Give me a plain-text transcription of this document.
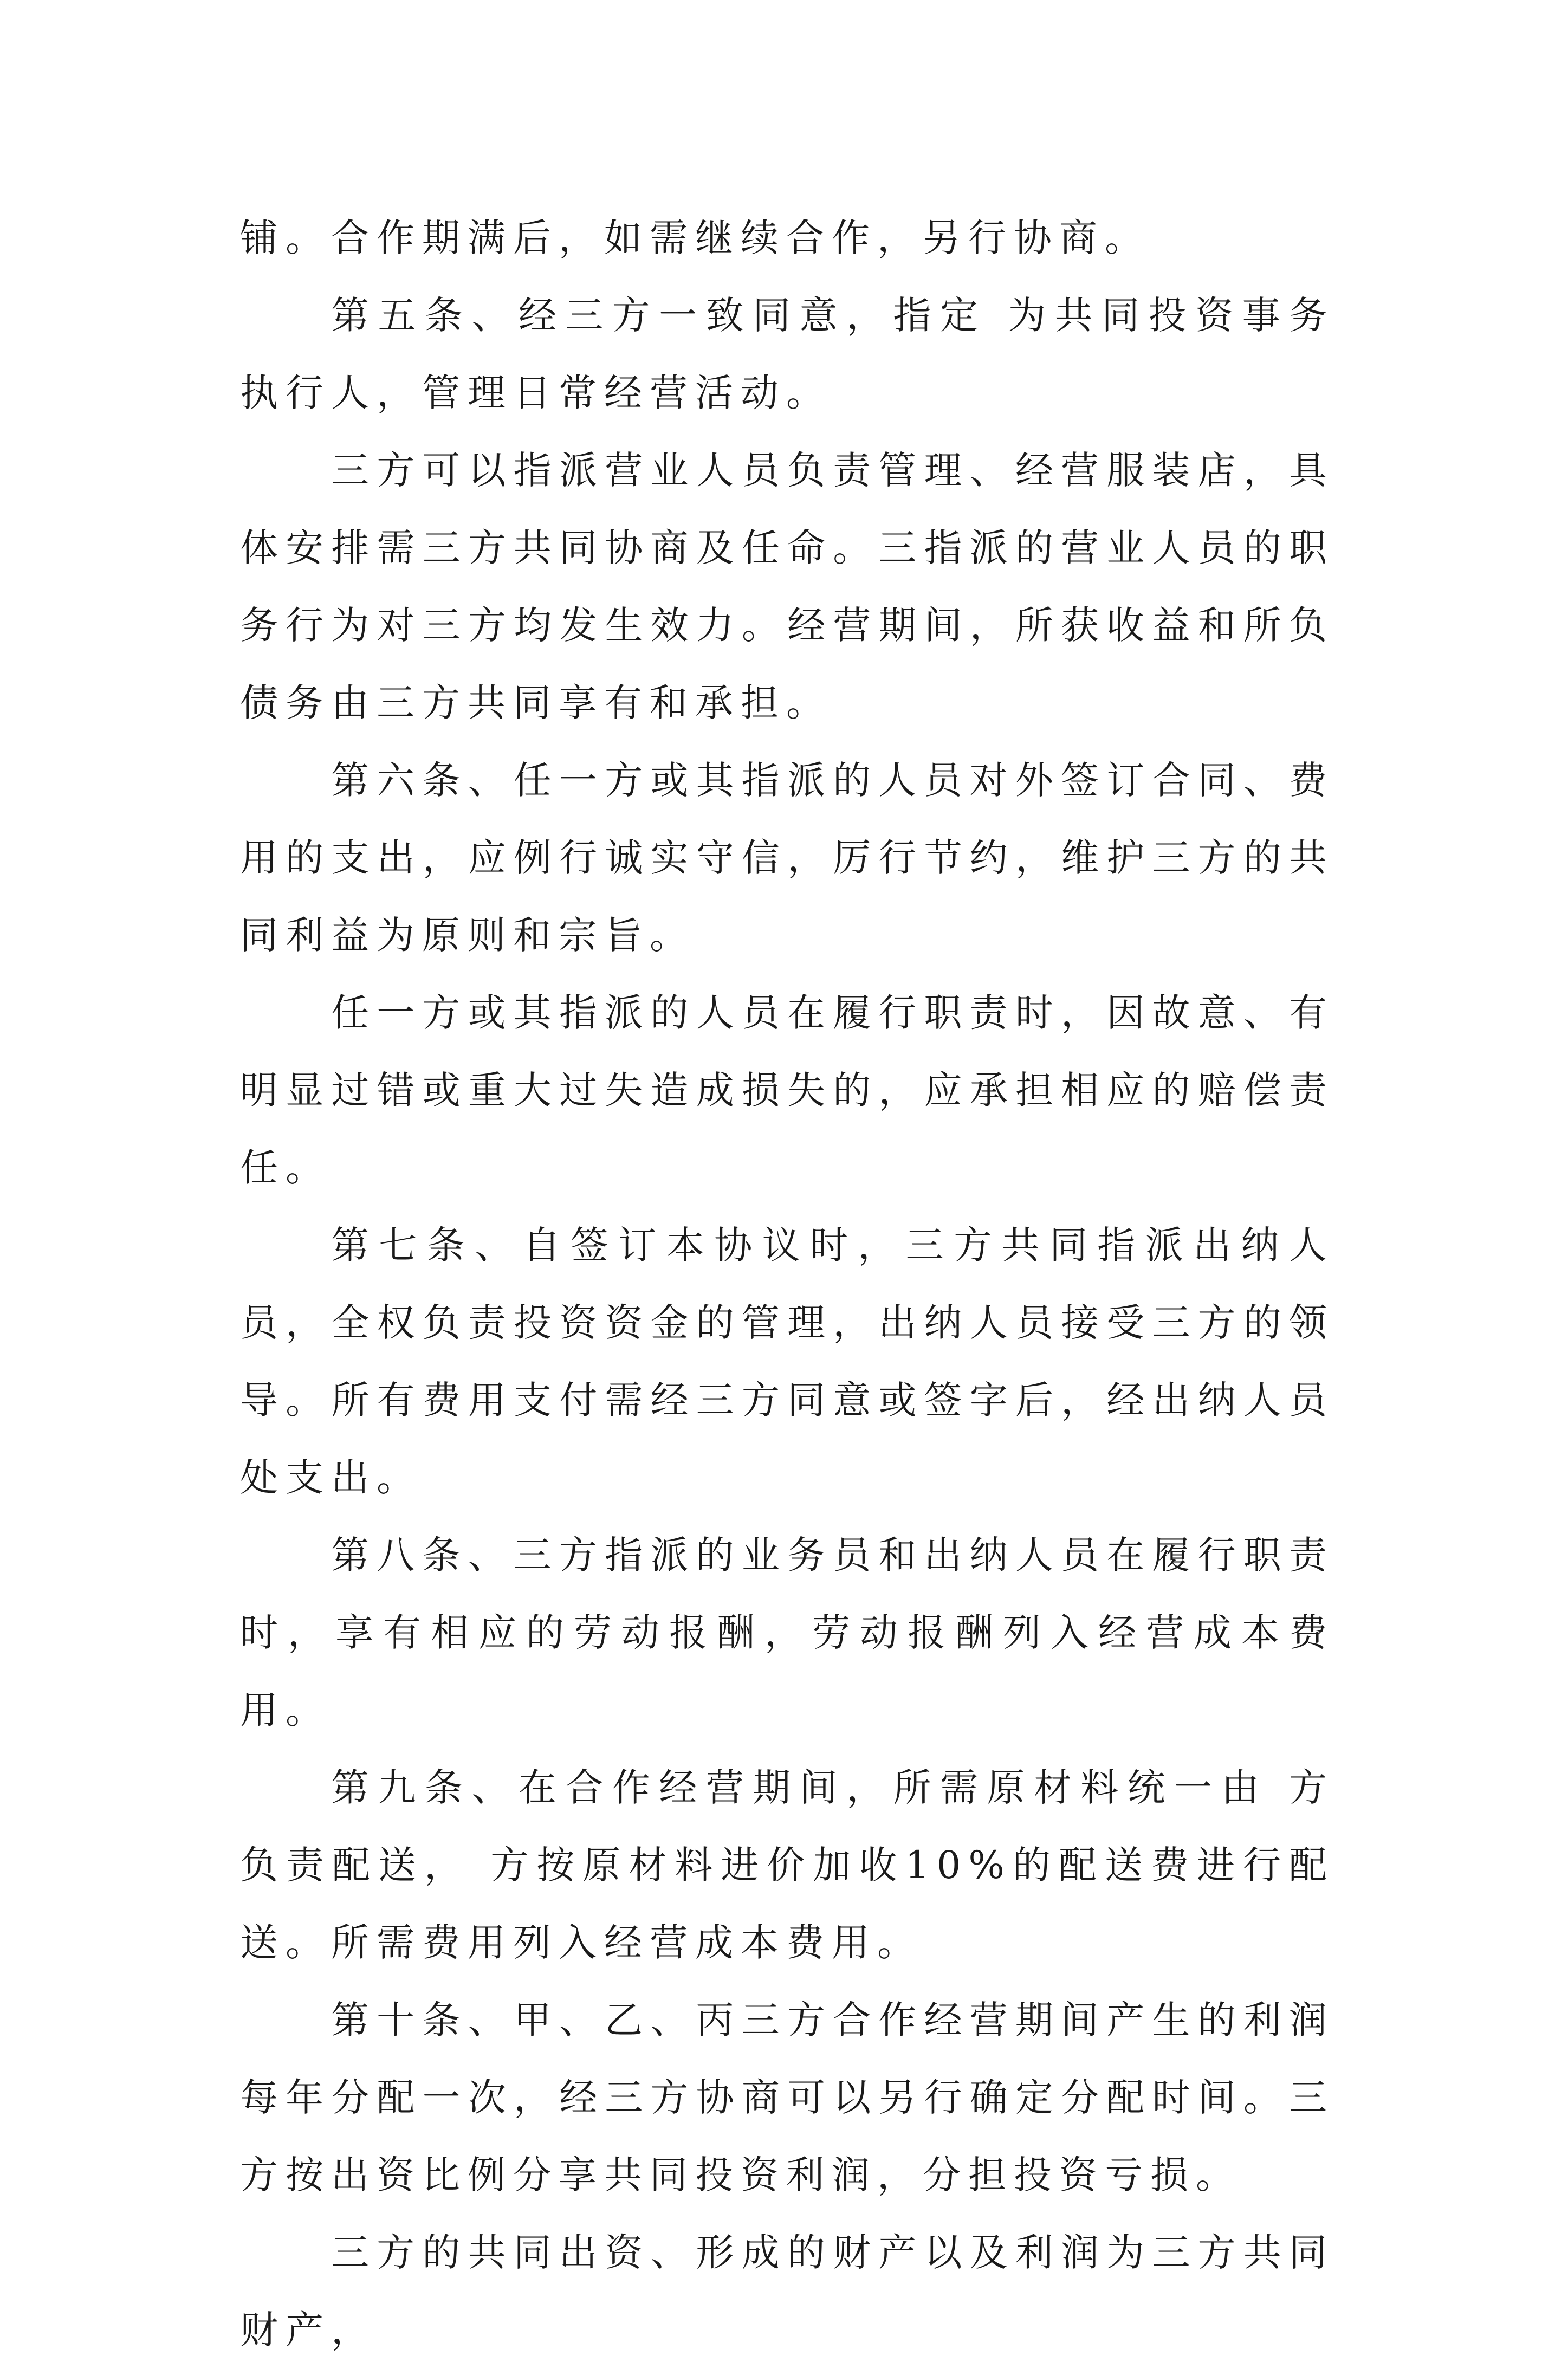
铺。合作期满后，如需继续合作，另行协商。

第五条、经三方一致同意，指定 为共同投资事务执行人，管理日常经营活动。

三方可以指派营业人员负责管理、经营服装店，具体安排需三方共同协商及任命。三指派的营业人员的职务行为对三方均发生效力。经营期间，所获收益和所负债务由三方共同享有和承担。

第六条、任一方或其指派的人员对外签订合同、费用的支出，应例行诚实守信，厉行节约，维护三方的共同利益为原则和宗旨。

任一方或其指派的人员在履行职责时，因故意、有明显过错或重大过失造成损失的，应承担相应的赔偿责任。

第七条、自签订本协议时，三方共同指派出纳人员，全权负责投资资金的管理，出纳人员接受三方的领导。所有费用支付需经三方同意或签字后，经出纳人员处支出。

第八条、三方指派的业务员和出纳人员在履行职责时，享有相应的劳动报酬，劳动报酬列入经营成本费用。

第九条、在合作经营期间，所需原材料统一由 方负责配送， 方按原材料进价加收10%的配送费进行配送。所需费用列入经营成本费用。

第十条、甲、乙、丙三方合作经营期间产生的利润每年分配一次，经三方协商可以另行确定分配时间。三方按出资比例分享共同投资利润，分担投资亏损。

三方的共同出资、形成的财产以及利润为三方共同财产，
